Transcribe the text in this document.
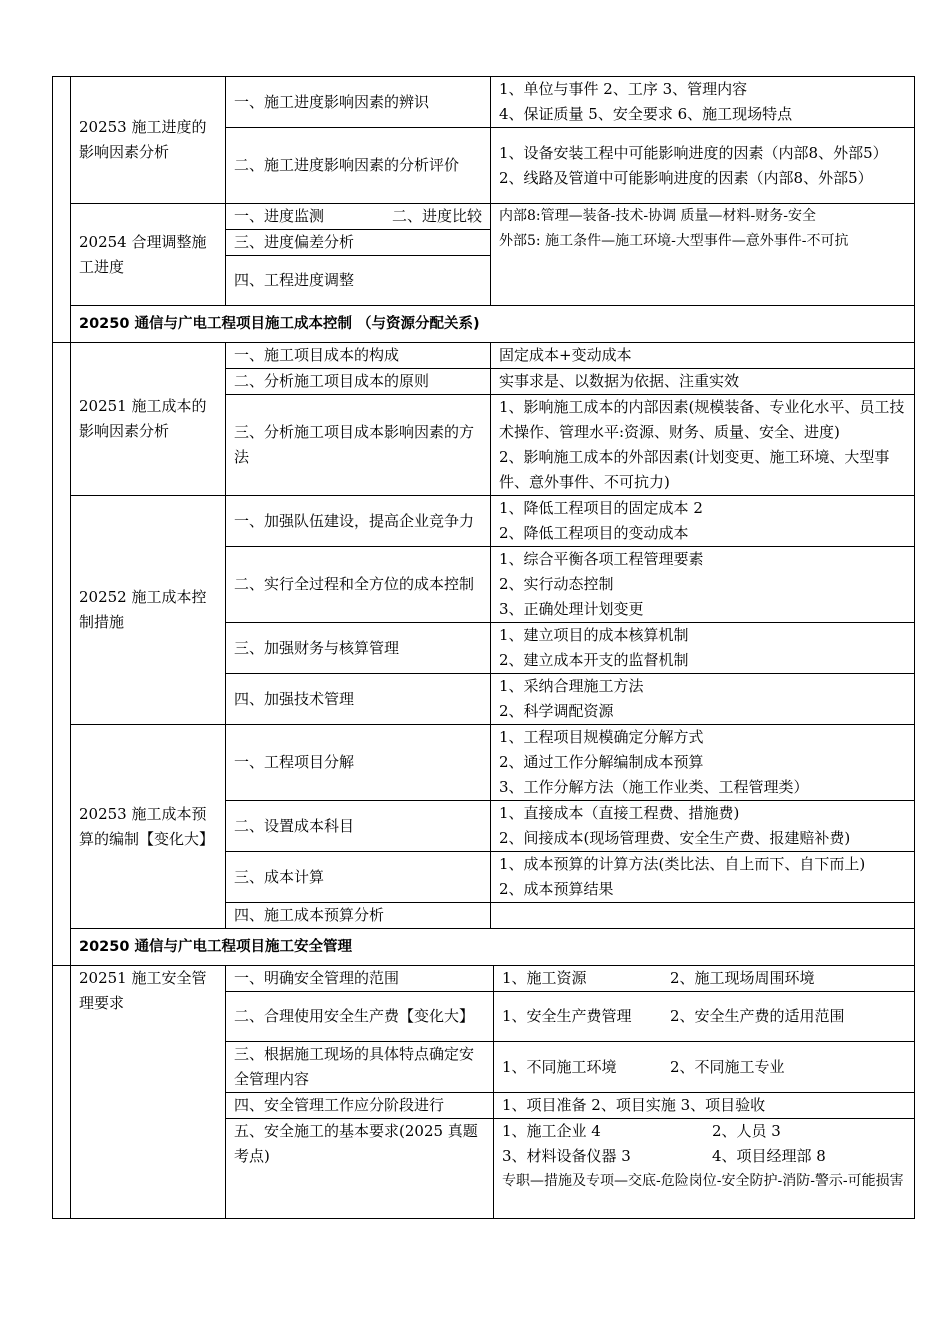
	20253 施工进度的影响因素分析	一、施工进度影响因素的辨识	1、单位与事件 2、工序 3、管理内容
4、保证质量 5、安全要求 6、施工现场特点

		二、施工进度影响因素的分析评价	1、设备安装工程中可能影响进度的因素（内部8、外部5） 2、线路及管道中可能影响进度的因素（内部8、外部5）

	20254 合理调整施工进度	一、进度监测 二、进度比较	内部8:管理—装备-技术-协调 质量—材料-财务-安全
外部5: 施工条件—施工环境-大型事件—意外事件-不可抗

		三、进度偏差分析	
		四、工程进度调整	
	20250 通信与广电工程项目施工成本控制 （与资源分配关系)		
	20251 施工成本的影响因素分析	一、施工项目成本的构成	固定成本+变动成本
		二、分析施工项目成本的原则	实事求是、以数据为依据、注重实效
		三、分析施工项目成本影响因素的方法	1、影响施工成本的内部因素(规模装备、专业化水平、员工技术操作、管理水平:资源、财务、质量、安全、进度)
2、影响施工成本的外部因素(计划变更、施工环境、大型事件、意外事件、不可抗力)

	20252 施工成本控制措施	一、加强队伍建设，提高企业竞争力	1、降低工程项目的固定成本 2
2、降低工程项目的变动成本

		二、实行全过程和全方位的成本控制	1、综合平衡各项工程管理要素
2、实行动态控制
3、正确处理计划变更

		三、加强财务与核算管理	1、建立项目的成本核算机制
2、建立成本开支的监督机制

		四、加强技术管理	1、采纳合理施工方法
2、科学调配资源

	20253 施工成本预算的编制【变化大】	一、工程项目分解	1、工程项目规模确定分解方式
2、通过工作分解编制成本预算
3、工作分解方法（施工作业类、工程管理类）

		二、设置成本科目	1、直接成本（直接工程费、措施费)
2、间接成本(现场管理费、安全生产费、报建赔补费)

		三、成本计算	1、成本预算的计算方法(类比法、自上而下、自下而上)
2、成本预算结果

		四、施工成本预算分析	
	20250 通信与广电工程项目施工安全管理		
	20251 施工安全管理要求	一、明确安全管理的范围	1、施工资源 2、施工现场周围环境
		二、合理使用安全生产费【变化大】	1、安全生产费管理 2、安全生产费的适用范围
		三、根据施工现场的具体特点确定安全管理内容	1、不同施工环境 2、不同施工专业
		四、安全管理工作应分阶段进行	1、项目准备 2、项目实施 3、项目验收
		五、安全施工的基本要求(2025 真题考点)	1、施工企业 4 2、人员 3
3、材料设备仪器 3 4、项目经理部 8
专职—措施及专项—交底-危险岗位-安全防护-消防-警示-可能损害
